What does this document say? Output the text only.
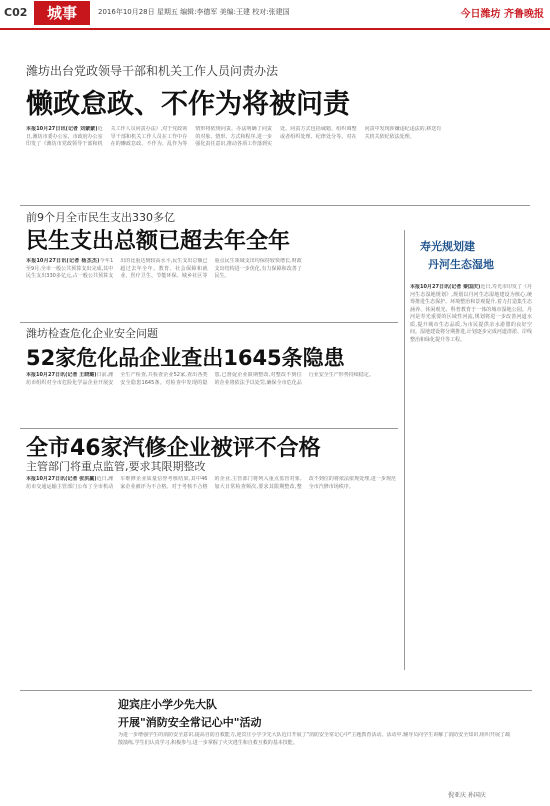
C02	城事	2016年10月28日 星期五 编辑:李德军 美编:王建 校对:张建国	今日潍坊 齐鲁晚报
潍坊出台党政领导干部和机关工作人员问责办法
懒政怠政、不作为将被问责
本报10月27日讯(记者 刘蒙蒙)近日,潍坊市委办公室、市政府办公室印发了《潍坊市党政领导干部和机关工作人员问责办法》,对于党政领导干部和机关工作人员在工作中存在的懒政怠政、不作为、乱作为等情形将依规问责。办法明确了问责的对象、情形、方式和程序,进一步强化责任意识,推动各项工作落到实处。问责方式包括诫勉、组织调整或者组织处理、纪律处分等。对在问责中发现涉嫌违纪违法的,移送有关机关依纪依法处理。
前9个月全市民生支出330多亿
民生支出总额已超去年全年
本报10月27日讯(记者 杨杰杰)今年1至9月,全市一般公共预算支出完成,其中民生支出330多亿元,占一般公共预算支出的比重达到较高水平,民生支出总额已超过去年全年。教育、社会保障和就业、医疗卫生、节能环保、城乡社区等重点民生领域支出均保持较快增长,财政支出结构进一步优化,有力保障和改善了民生。
寿光规划建
丹河生态湿地
本报10月27日讯(记者 秦国庆)近日,寿光市印发了《丹河生态湿地规划》,规划以丹河生态湿地建设为核心,统筹推进生态保护、环境整治和景观提升,着力打造集生态涵养、休闲观光、科普教育于一体的城市湿地公园。丹河是寿光重要的区域性河流,规划将进一步改善河道水质,提升城市生态品质,为市民提供亲水游憩的良好空间。湿地建设将分期推进,计划逐步完成河道清淤、岸线整治和绿化提升等工程。
潍坊检查危化企业安全问题
52家危化品企业查出1645条隐患
本报10月27日讯(记者 王晓璐)日前,潍坊市组织对全市危险化学品企业开展安全生产检查,共检查企业52家,查出各类安全隐患1645条。对检查中发现的隐患,已督促企业限期整改,对整改不到位的企业将依法予以处罚,确保全市危化品行业安全生产形势持续稳定。
全市46家汽修企业被评不合格
主管部门将重点监管,要求其限期整改
本报10月27日讯(记者 张洪赢)近日,潍坊市交通运输主管部门公布了全市机动车维修企业质量信誉考核结果,其中46家企业被评为不合格。对于考核不合格的企业,主管部门将列入重点监管对象,加大日常检查频次,要求其限期整改,整改不到位的将依法依规处理,进一步规范全市汽修市场秩序。
迎宾庄小学少先大队
开展"消防安全常记心中"活动
为进一步增强学生的消防安全意识,提高自防自救能力,迎宾庄小学少先大队近日开展了"消防安全常记心中"主题教育活动。活动中,辅导员向学生讲解了消防安全知识,组织开展了疏散演练,学生们认真学习,积极参与,进一步掌握了火灾逃生和自救互救的基本技能。
倪亚庆 孙国庆
